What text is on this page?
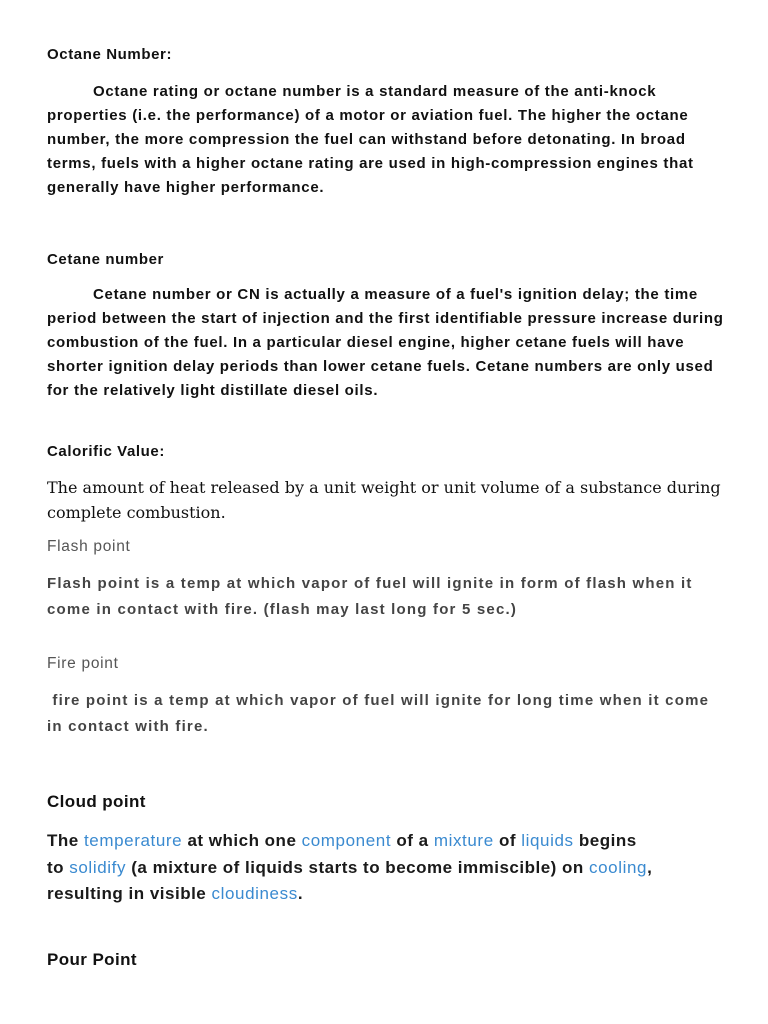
Octane Number:

Octane rating or octane number is a standard measure of the anti-knock properties (i.e. the performance) of a motor or aviation fuel. The higher the octane number, the more compression the fuel can withstand before detonating. In broad terms, fuels with a higher octane rating are used in high-compression engines that generally have higher performance.

Cetane number

Cetane number or CN is actually a measure of a fuel's ignition delay; the time period between the start of injection and the first identifiable pressure increase during combustion of the fuel. In a particular diesel engine, higher cetane fuels will have shorter ignition delay periods than lower cetane fuels. Cetane numbers are only used for the relatively light distillate diesel oils.

Calorific Value:

The amount of heat released by a unit weight or unit volume of a substance during complete combustion.

Flash point

Flash point is a temp at which vapor of fuel will ignite in form of flash when it come in contact with fire. (flash may last long for 5 sec.)

Fire point

fire point is a temp at which vapor of fuel will ignite for long time when it come in contact with fire.

Cloud point

The temperature at which one component of a mixture of liquids begins to solidify (a mixture of liquids starts to become immiscible) on cooling, resulting in visible cloudiness.

Pour Point
